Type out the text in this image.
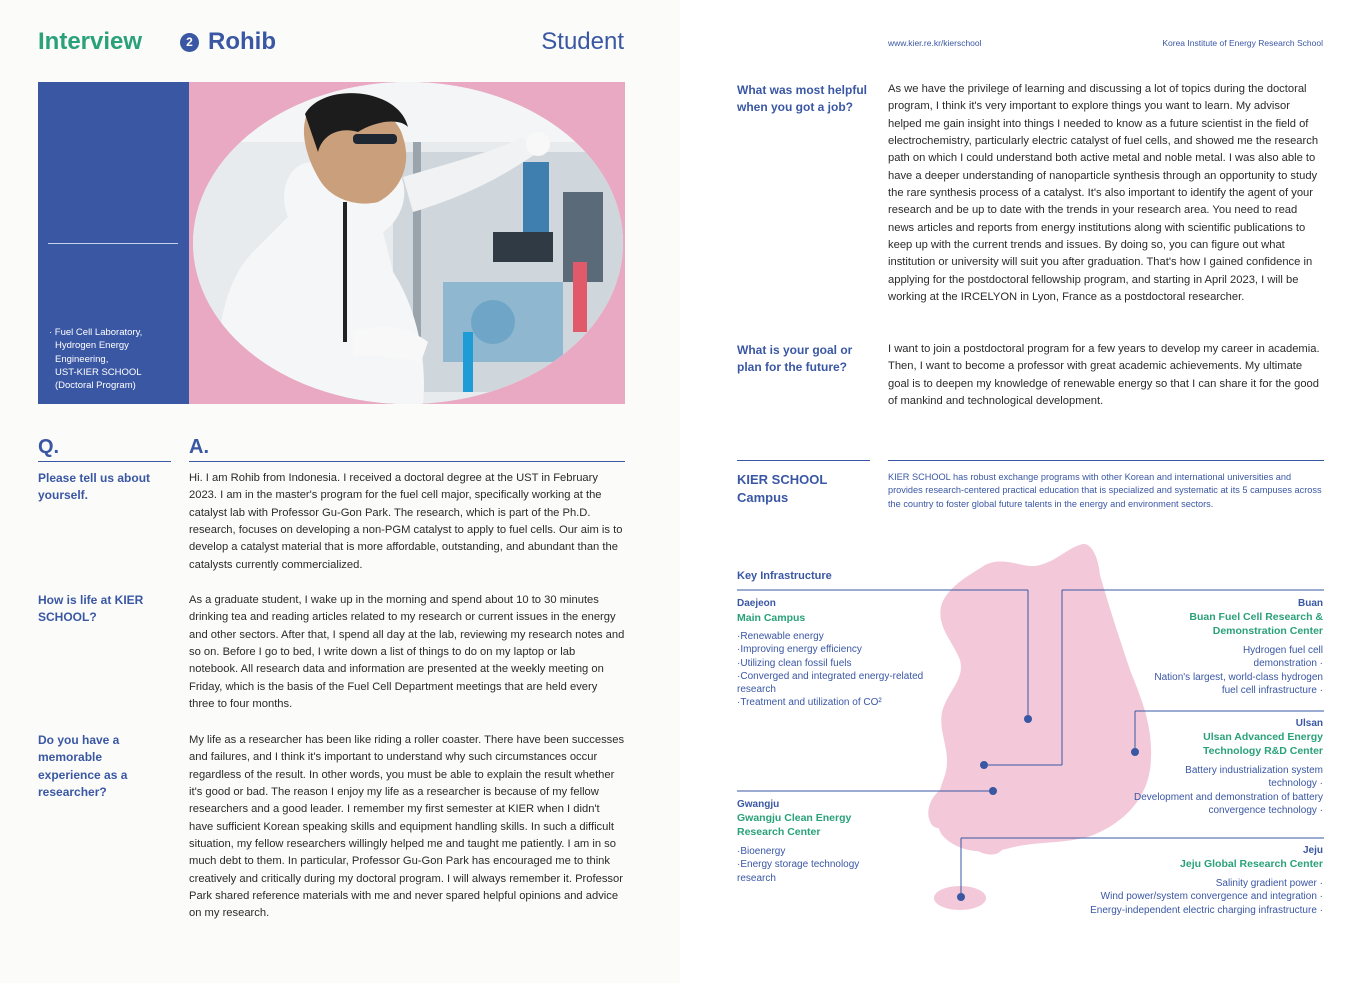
Interview	2 Rohib	Student
· Fuel Cell Laboratory,
Hydrogen Energy
Engineering,
UST-KIER SCHOOL
(Doctoral Program)
Q.	A.
Please tell us about yourself.
Hi. I am Rohib from Indonesia. I received a doctoral degree at the UST in February 2023. I am in the master's program for the fuel cell major, specifically working at the catalyst lab with Professor Gu-Gon Park. The research, which is part of the Ph.D. research, focuses on developing a non-PGM catalyst to apply to fuel cells. Our aim is to develop a catalyst material that is more affordable, outstanding, and abundant than the catalysts currently commercialized.
How is life at KIER SCHOOL?
As a graduate student, I wake up in the morning and spend about 10 to 30 minutes drinking tea and reading articles related to my research or current issues in the energy and other sectors. After that, I spend all day at the lab, reviewing my research notes and so on. Before I go to bed, I write down a list of things to do on my laptop or lab notebook. All research data and information are presented at the weekly meeting on Friday, which is the basis of the Fuel Cell Department meetings that are held every three to four months.
Do you have a memorable experience as a researcher?
My life as a researcher has been like riding a roller coaster. There have been successes and failures, and I think it's important to understand why such circumstances occur regardless of the result. In other words, you must be able to explain the result whether it's good or bad. The reason I enjoy my life as a researcher is because of my fellow researchers and a good leader. I remember my first semester at KIER when I didn't have sufficient Korean speaking skills and equipment handling skills. In such a difficult situation, my fellow researchers willingly helped me and taught me patiently. I am in so much debt to them. In particular, Professor Gu-Gon Park has encouraged me to think creatively and critically during my doctoral program. I will always remember it. Professor Park shared reference materials with me and never spared helpful opinions and advice on my research.
www.kier.re.kr/kierschool	Korea Institute of Energy Research School
What was most helpful when you got a job?
As we have the privilege of learning and discussing a lot of topics during the doctoral program, I think it's very important to explore things you want to learn. My advisor helped me gain insight into things I needed to know as a future scientist in the field of electrochemistry, particularly electric catalyst of fuel cells, and showed me the research path on which I could understand both active metal and noble metal. I was also able to have a deeper understanding of nanoparticle synthesis through an opportunity to study the rare synthesis process of a catalyst. It's also important to identify the agent of your research and be up to date with the trends in your research area. You need to read news articles and reports from energy institutions along with scientific publications to keep up with the current trends and issues. By doing so, you can figure out what institution or university will suit you after graduation. That's how I gained confidence in applying for the postdoctoral fellowship program, and starting in April 2023, I will be working at the IRCELYON in Lyon, France as a postdoctoral researcher.
What is your goal or plan for the future?
I want to join a postdoctoral program for a few years to develop my career in academia. Then, I want to become a professor with great academic achievements. My ultimate goal is to deepen my knowledge of renewable energy so that I can share it for the good of mankind and technological development.
KIER SCHOOL Campus
KIER SCHOOL has robust exchange programs with other Korean and international universities and provides research-centered practical education that is specialized and systematic at its 5 campuses across the country to foster global future talents in the energy and environment sectors.
Key Infrastructure
Daejeon
Main Campus
· Renewable energy
· Improving energy efficiency
· Utilizing clean fossil fuels
· Converged and integrated energy-related research
· Treatment and utilization of CO²
Gwangju
Gwangju Clean Energy Research Center
· Bioenergy
· Energy storage technology research
Buan
Buan Fuel Cell Research & Demonstration Center
Hydrogen fuel cell demonstration ·
Nation's largest, world-class hydrogen fuel cell infrastructure ·
Ulsan
Ulsan Advanced Energy Technology R&D Center
Battery industrialization system technology ·
Development and demonstration of battery convergence technology ·
Jeju
Jeju Global Research Center
Salinity gradient power ·
Wind power/system convergence and integration ·
Energy-independent electric charging infrastructure ·
